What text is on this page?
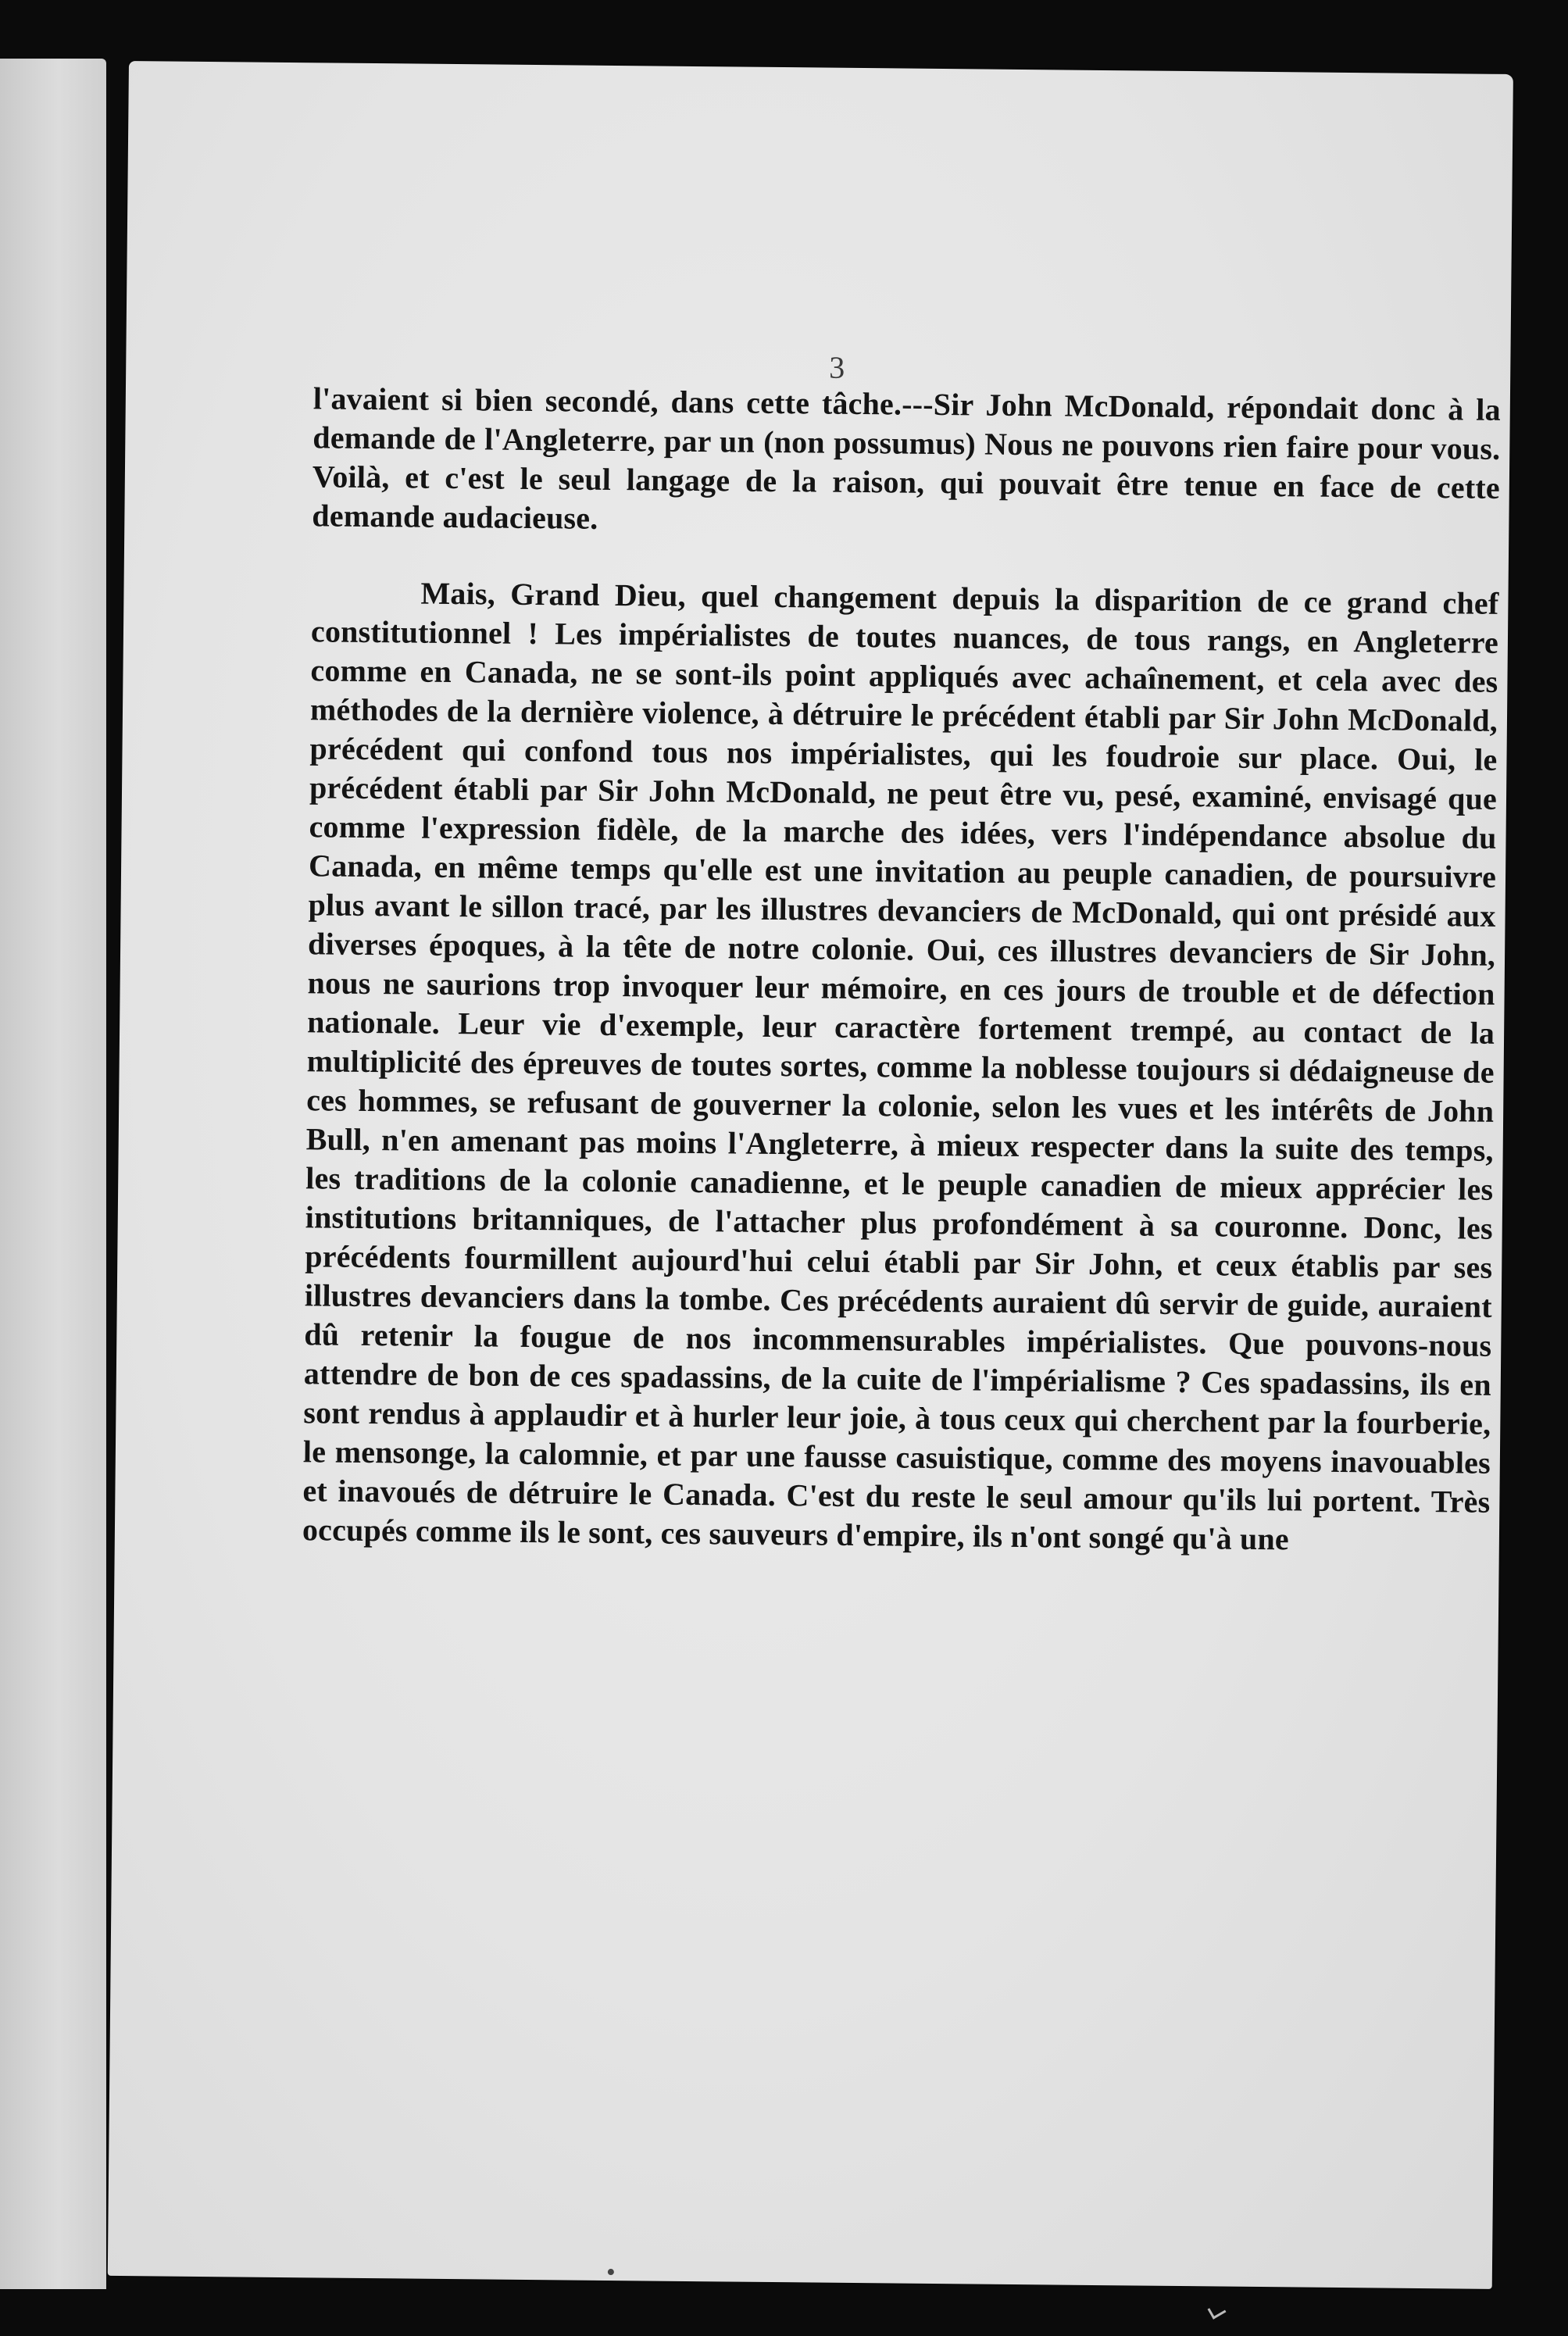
3

l'avaient si bien secondé, dans cette tâche.---Sir John McDonald, répondait donc à la demande de l'Angleterre, par un (non possumus) Nous ne pouvons rien faire pour vous. Voilà, et c'est le seul langage de la raison, qui pouvait être tenue en face de cette demande audacieuse.

Mais, Grand Dieu, quel changement depuis la disparition de ce grand chef constitutionnel ! Les impérialistes de toutes nuances, de tous rangs, en Angleterre comme en Canada, ne se sont-ils point appliqués avec achaînement, et cela avec des méthodes de la dernière violence, à détruire le précédent établi par Sir John McDonald, précédent qui confond tous nos impérialistes, qui les foudroie sur place. Oui, le précédent établi par Sir John McDonald, ne peut être vu, pesé, examiné, envisagé que comme l'expression fidèle, de la marche des idées, vers l'indépendance absolue du Canada, en même temps qu'elle est une invitation au peuple canadien, de poursuivre plus avant le sillon tracé, par les illustres devanciers de McDonald, qui ont présidé aux diverses époques, à la tête de notre colonie. Oui, ces illustres devanciers de Sir John, nous ne saurions trop invoquer leur mémoire, en ces jours de trouble et de défection nationale. Leur vie d'exemple, leur caractère fortement trempé, au contact de la multiplicité des épreuves de toutes sortes, comme la noblesse toujours si dédaigneuse de ces hommes, se refusant de gouverner la colonie, selon les vues et les intérêts de John Bull, n'en amenant pas moins l'Angleterre, à mieux respecter dans la suite des temps, les traditions de la colonie canadienne, et le peuple canadien de mieux apprécier les institutions britanniques, de l'attacher plus profondément à sa couronne. Donc, les précédents fourmillent aujourd'hui celui établi par Sir John, et ceux établis par ses illustres devanciers dans la tombe. Ces précédents auraient dû servir de guide, auraient dû retenir la fougue de nos incommensurables impérialistes. Que pouvons-nous attendre de bon de ces spadassins, de la cuite de l'impérialisme ? Ces spadassins, ils en sont rendus à applaudir et à hurler leur joie, à tous ceux qui cherchent par la fourberie, le mensonge, la calomnie, et par une fausse casuistique, comme des moyens inavouables et inavoués de détruire le Canada. C'est du reste le seul amour qu'ils lui portent. Très occupés comme ils le sont, ces sauveurs d'empire, ils n'ont songé qu'à une
